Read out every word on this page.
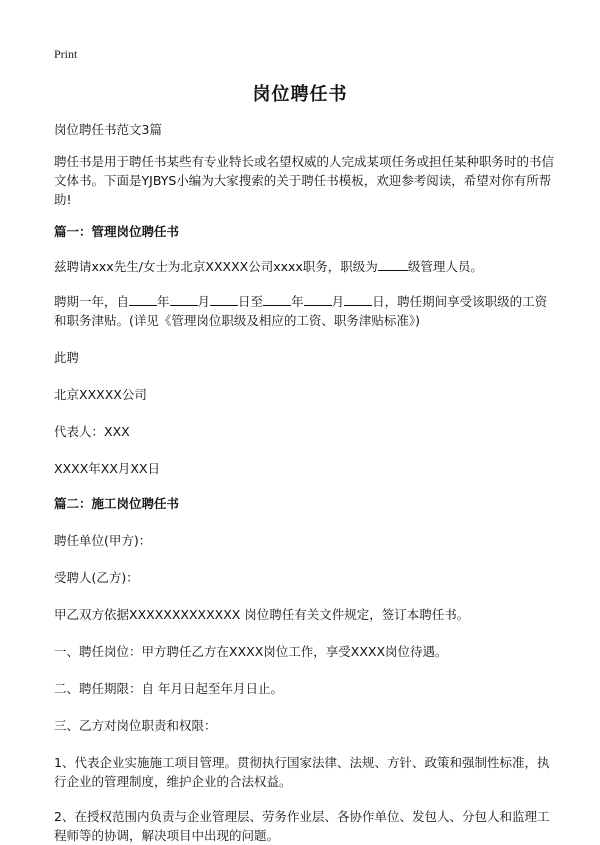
Print
岗位聘任书

岗位聘任书范文3篇

聘任书是用于聘任书某些有专业特长或名望权威的人完成某项任务或担任某种职务时的书信文体书。下面是YJBYS小编为大家搜索的关于聘任书模板，欢迎参考阅读，希望对你有所帮助!

篇一：管理岗位聘任书

兹聘请xxx先生/女士为北京XXXXX公司xxxx职务，职级为 级管理人员。

聘期一年，自 年 月 日至 年 月 日，聘任期间享受该职级的工资和职务津贴。(详见《管理岗位职级及相应的工资、职务津贴标准》)

此聘

北京XXXXX公司

代表人：XXX

XXXX年XX月XX日

篇二：施工岗位聘任书

聘任单位(甲方)：

受聘人(乙方)：

甲乙双方依据XXXXXXXXXXXXX 岗位聘任有关文件规定，签订本聘任书。

一、聘任岗位：甲方聘任乙方在XXXX岗位工作，享受XXXX岗位待遇。

二、聘任期限：自 年月日起至年月日止。

三、乙方对岗位职责和权限：

1、代表企业实施施工项目管理。贯彻执行国家法律、法规、方针、政策和强制性标准，执行企业的管理制度，维护企业的合法权益。

2、在授权范围内负责与企业管理层、劳务作业层、各协作单位、发包人、分包人和监理工程师等的协调，解决项目中出现的问题。
